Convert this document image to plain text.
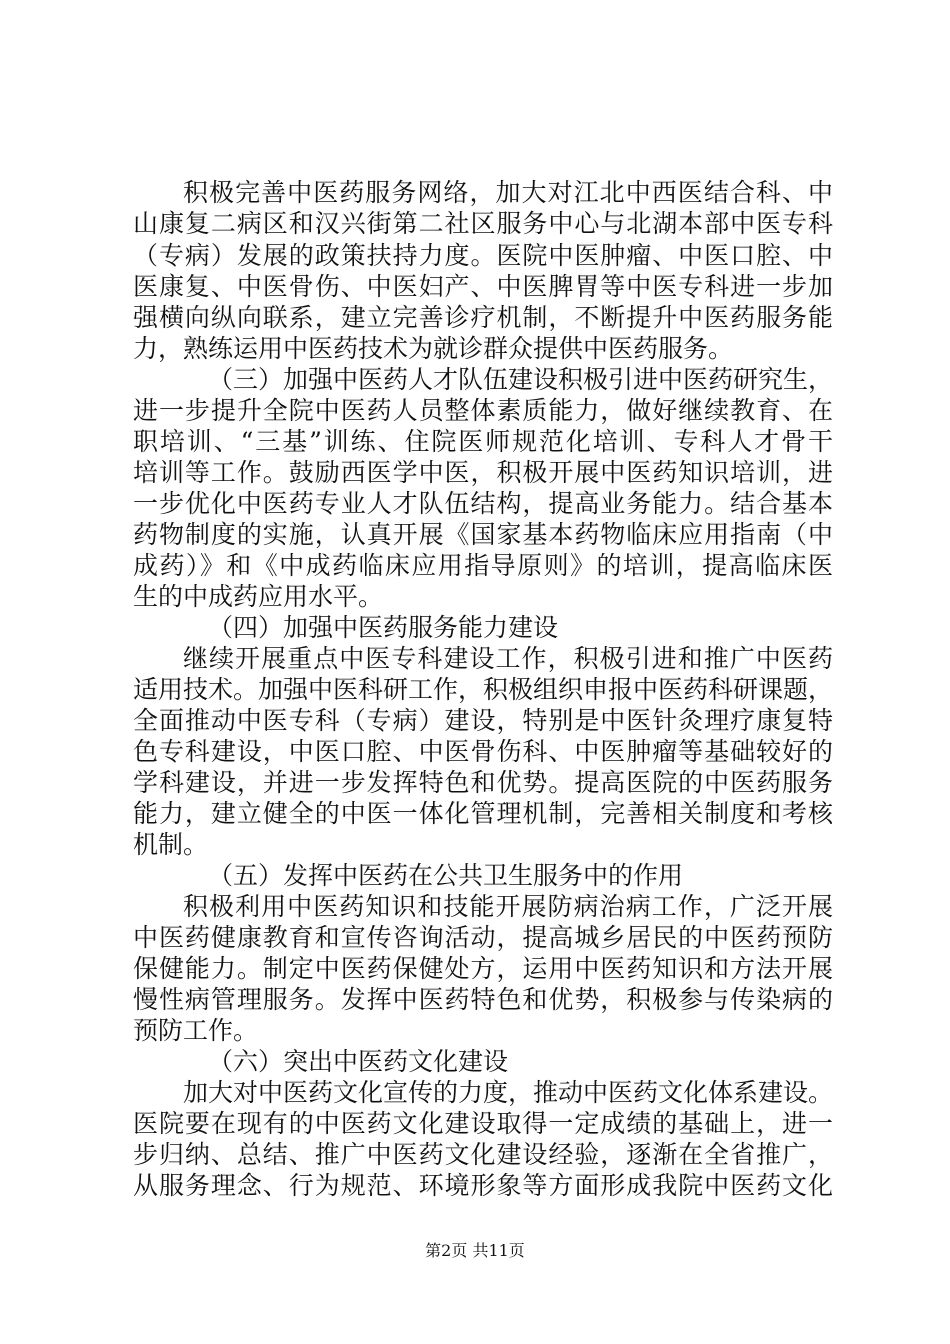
积极完善中医药服务网络，加大对江北中西医结合科、中
山康复二病区和汉兴街第二社区服务中心与北湖本部中医专科
（专病）发展的政策扶持力度。医院中医肿瘤、中医口腔、中
医康复、中医骨伤、中医妇产、中医脾胃等中医专科进一步加
强横向纵向联系，建立完善诊疗机制，不断提升中医药服务能
力，熟练运用中医药技术为就诊群众提供中医药服务。
（三）加强中医药人才队伍建设积极引进中医药研究生，
进一步提升全院中医药人员整体素质能力，做好继续教育、在
职培训、“三基”训练、住院医师规范化培训、专科人才骨干
培训等工作。鼓励西医学中医，积极开展中医药知识培训，进
一步优化中医药专业人才队伍结构，提高业务能力。结合基本
药物制度的实施，认真开展《国家基本药物临床应用指南（中
成药）》和《中成药临床应用指导原则》的培训，提高临床医
生的中成药应用水平。
（四）加强中医药服务能力建设
继续开展重点中医专科建设工作，积极引进和推广中医药
适用技术。加强中医科研工作，积极组织申报中医药科研课题，
全面推动中医专科（专病）建设，特别是中医针灸理疗康复特
色专科建设，中医口腔、中医骨伤科、中医肿瘤等基础较好的
学科建设，并进一步发挥特色和优势。提高医院的中医药服务
能力，建立健全的中医一体化管理机制，完善相关制度和考核
机制。
（五）发挥中医药在公共卫生服务中的作用
积极利用中医药知识和技能开展防病治病工作，广泛开展
中医药健康教育和宣传咨询活动，提高城乡居民的中医药预防
保健能力。制定中医药保健处方，运用中医药知识和方法开展
慢性病管理服务。发挥中医药特色和优势，积极参与传染病的
预防工作。
（六）突出中医药文化建设
加大对中医药文化宣传的力度，推动中医药文化体系建设。
医院要在现有的中医药文化建设取得一定成绩的基础上，进一
步归纳、总结、推广中医药文化建设经验，逐渐在全省推广，
从服务理念、行为规范、环境形象等方面形成我院中医药文化
第2页 共11页
